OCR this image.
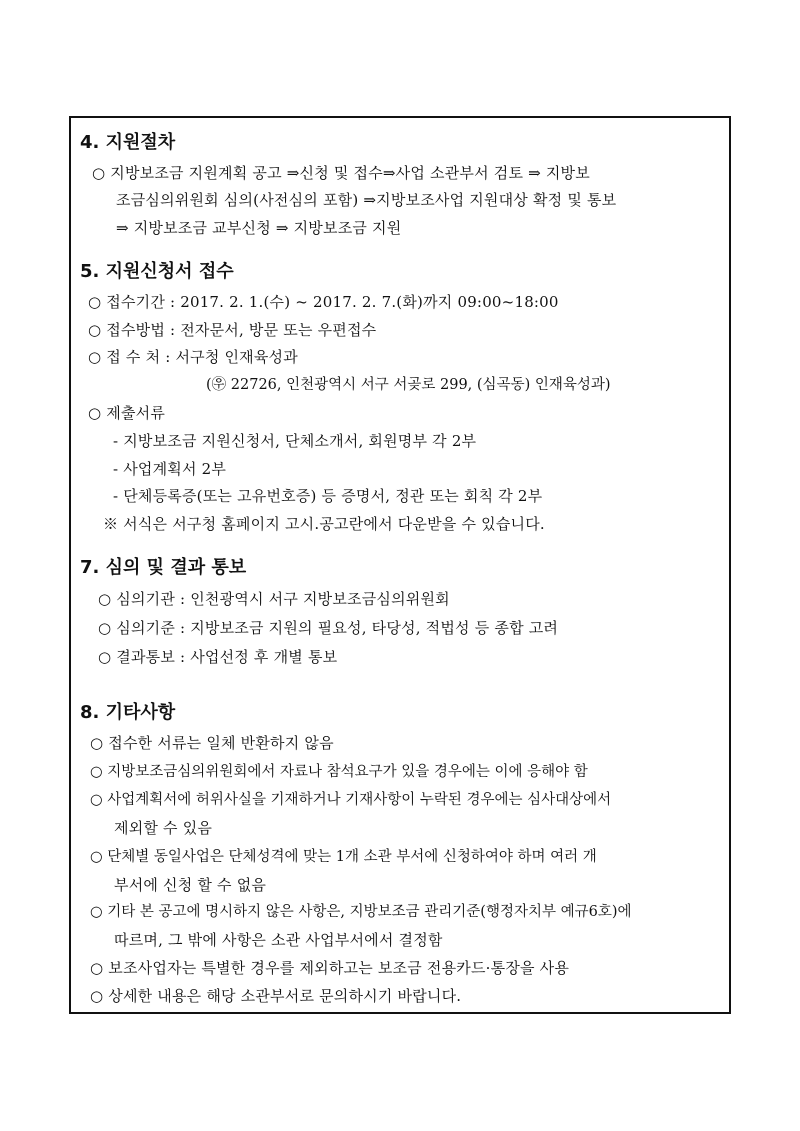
4. 지원절차
○ 지방보조금 지원계획 공고 ⇒신청 및 접수⇒사업 소관부서 검토 ⇒ 지방보
조금심의위원회 심의(사전심의 포함) ⇒지방보조사업 지원대상 확정 및 통보
⇒ 지방보조금 교부신청 ⇒ 지방보조금 지원
5. 지원신청서 접수
○ 접수기간 : 2017. 2. 1.(수) ~ 2017. 2. 7.(화)까지 09:00~18:00
○ 접수방법 : 전자문서, 방문 또는 우편접수
○ 접 수 처 : 서구청 인재육성과
(㉾ 22726, 인천광역시 서구 서곶로 299, (심곡동) 인재육성과)
○ 제출서류
- 지방보조금 지원신청서, 단체소개서, 회원명부 각 2부
- 사업계획서 2부
- 단체등록증(또는 고유번호증) 등 증명서, 정관 또는 회칙 각 2부
※ 서식은 서구청 홈페이지 고시.공고란에서 다운받을 수 있습니다.
7. 심의 및 결과 통보
○ 심의기관 : 인천광역시 서구 지방보조금심의위원회
○ 심의기준 : 지방보조금 지원의 필요성, 타당성, 적법성 등 종합 고려
○ 결과통보 : 사업선정 후 개별 통보
8. 기타사항
○ 접수한 서류는 일체 반환하지 않음
○ 지방보조금심의위원회에서 자료나 참석요구가 있을 경우에는 이에 응해야 함
○ 사업계획서에 허위사실을 기재하거나 기재사항이 누락된 경우에는 심사대상에서
제외할 수 있음
○ 단체별 동일사업은 단체성격에 맞는 1개 소관 부서에 신청하여야 하며 여러 개
부서에 신청 할 수 없음
○ 기타 본 공고에 명시하지 않은 사항은, 지방보조금 관리기준(행정자치부 예규6호)에
따르며, 그 밖에 사항은 소관 사업부서에서 결정함
○ 보조사업자는 특별한 경우를 제외하고는 보조금 전용카드·통장을 사용
○ 상세한 내용은 해당 소관부서로 문의하시기 바랍니다.
